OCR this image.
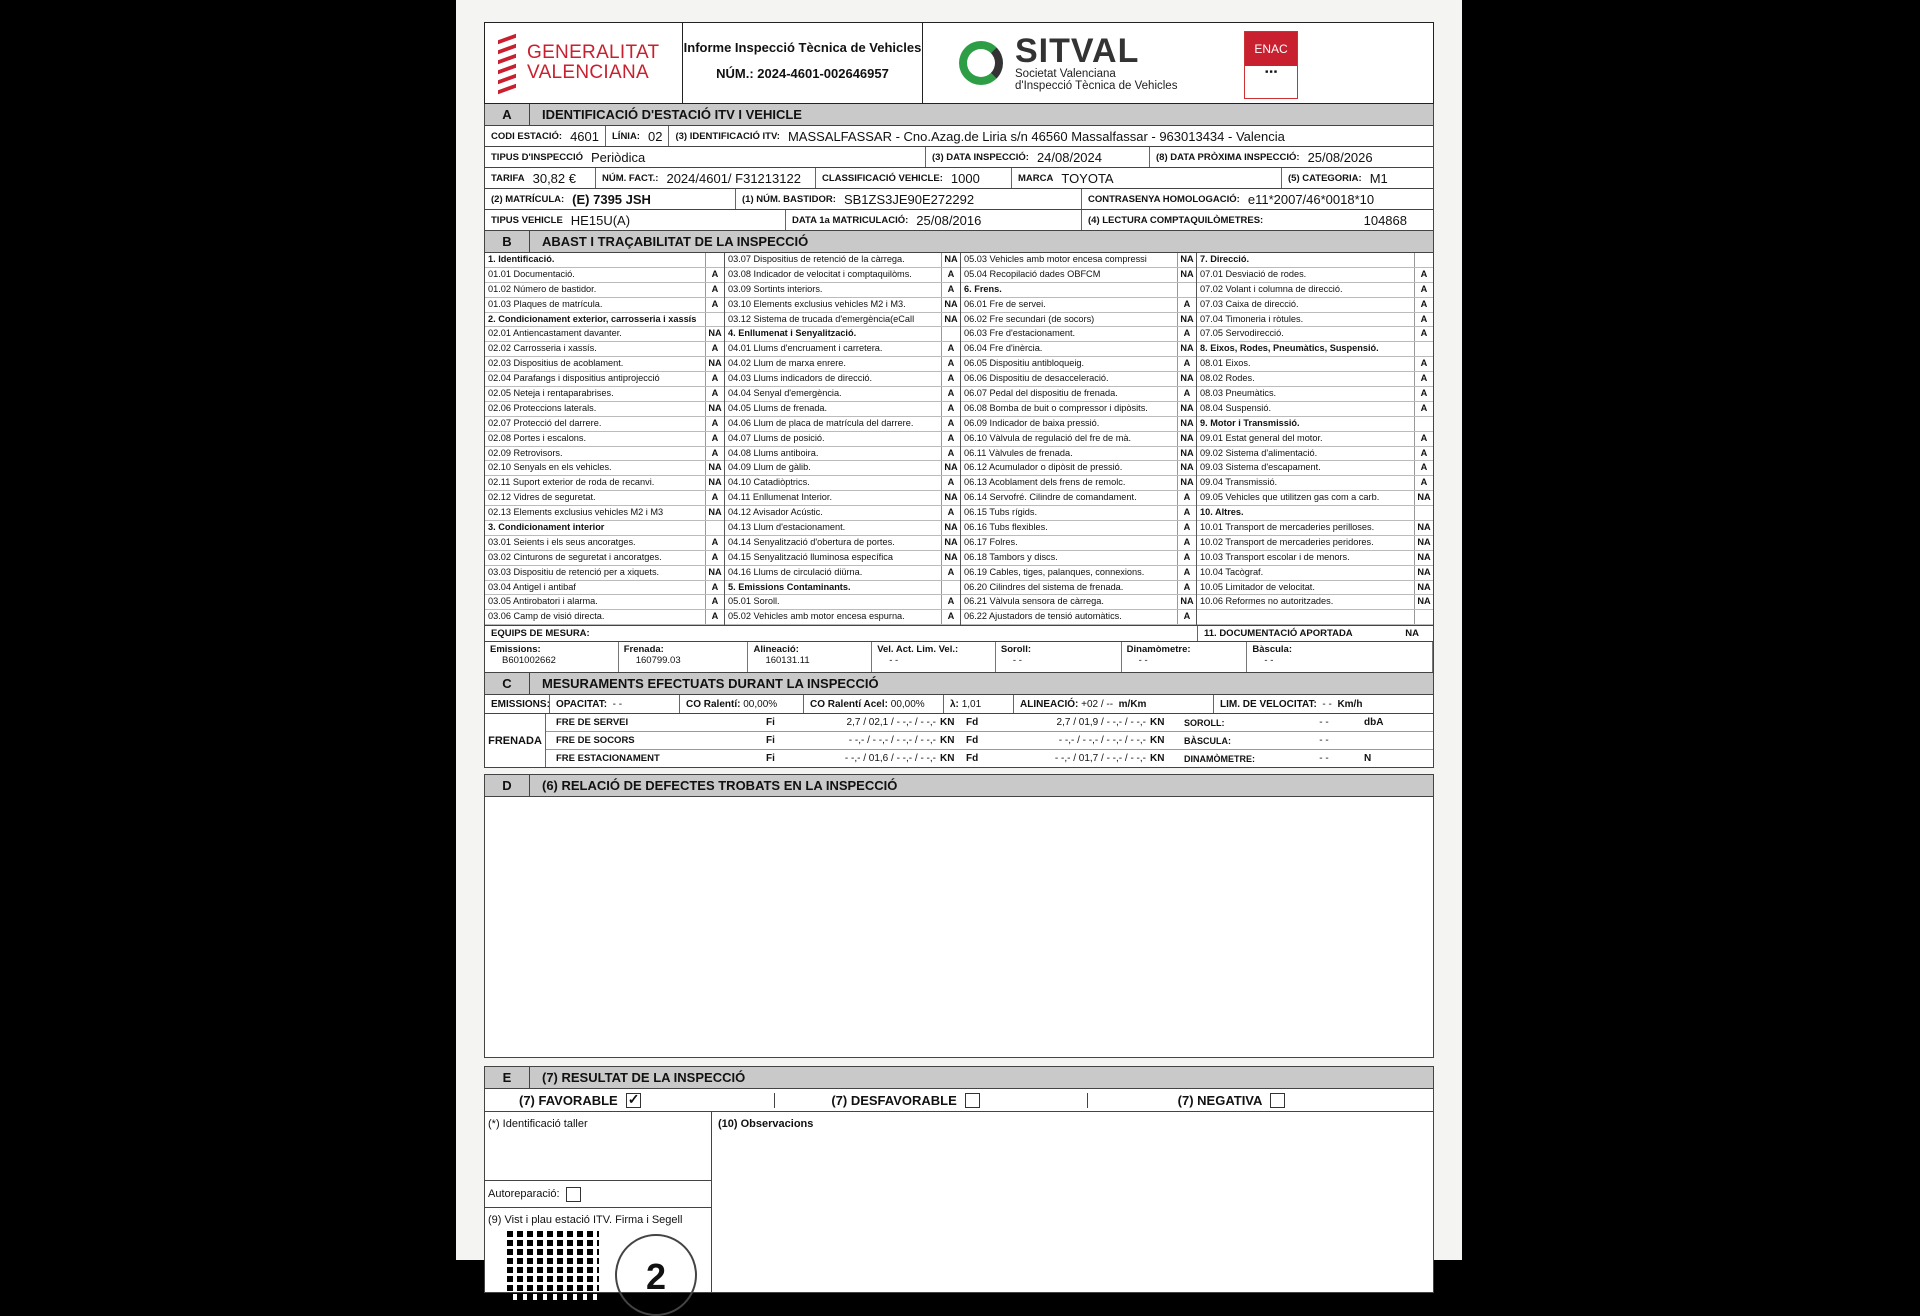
GENERALITAT
VALENCIANA
Informe Inspecció Tècnica de Vehicles
NÚM.: 2024-4601-002646957
SITVAL
Societat Valenciana
d'Inspecció Tècnica de Vehicles
ENAC
■ ■ ■
A	IDENTIFICACIÓ D'ESTACIÓ ITV I VEHICLE
CODI ESTACIÓ: 4601 LÍNIA: 02 (3) IDENTIFICACIÓ ITV: MASSALFASSAR - Cno.Azag.de Liria s/n 46560 Massalfassar - 963013434 - Valencia
TIPUS D'INSPECCIÓ Periòdica	(3) DATA INSPECCIÓ: 24/08/2024	(8) DATA PRÒXIMA INSPECCIÓ: 25/08/2026
TARIFA 30,82 €	NÚM. FACT.: 2024/4601/ F31213122 CLASSIFICACIÓ VEHICLE: 1000	MARCA TOYOTA	(5) CATEGORIA: M1
(2) MATRÍCULA: (E) 7395 JSH	(1) NÚM. BASTIDOR: SB1ZS3JE90E272292	CONTRASENYA HOMOLOGACIÓ: e11*2007/46*0018*10
TIPUS VEHICLE HE15U(A)	DATA 1a MATRICULACIÓ: 25/08/2016	(4) LECTURA COMPTAQUILÒMETRES:	104868
B	ABAST I TRAÇABILITAT DE LA INSPECCIÓ
1. Identificació.
01.01 Documentació.	A
01.02 Número de bastidor.	A
01.03 Plaques de matrícula.	A
2. Condicionament exterior, carrosseria i xassís
02.01 Antiencastament davanter.	NA
02.02 Carrosseria i xassís.	A
02.03 Dispositius de acoblament.	NA
02.04 Parafangs i dispositius antiprojecció	A
02.05 Neteja i rentaparabrises.	A
02.06 Proteccions laterals.	NA
02.07 Protecció del darrere.	A
02.08 Portes i escalons.	A
02.09 Retrovisors.	A
02.10 Senyals en els vehicles.	NA
02.11 Suport exterior de roda de recanvi.	NA
02.12 Vidres de seguretat.	A
02.13 Elements exclusius vehicles M2 i M3	NA
3. Condicionament interior
03.01 Seients i els seus ancoratges.	A
03.02 Cinturons de seguretat i ancoratges.	A
03.03 Dispositiu de retenció per a xiquets.	NA
03.04 Antigel i antibaf	A
03.05 Antirobatori i alarma.	A
03.06 Camp de visió directa.	A
03.07 Dispositius de retenció de la càrrega.	NA
03.08 Indicador de velocitat i comptaquilòms.	A
03.09 Sortints interiors.	A
03.10 Elements exclusius vehicles M2 i M3.	NA
03.12 Sistema de trucada d'emergència(eCall	NA
4. Enllumenat i Senyalització.
04.01 Llums d'encruament i carretera.	A
04.02 Llum de marxa enrere.	A
04.03 Llums indicadors de direcció.	A
04.04 Senyal d'emergència.	A
04.05 Llums de frenada.	A
04.06 Llum de placa de matrícula del darrere.	A
04.07 Llums de posició.	A
04.08 Llums antiboira.	A
04.09 Llum de gàlib.	NA
04.10 Catadiòptrics.	A
04.11 Enllumenat Interior.	NA
04.12 Avisador Acústic.	A
04.13 Llum d'estacionament.	NA
04.14 Senyalització d'obertura de portes.	NA
04.15 Senyalització lluminosa específica	NA
04.16 Llums de circulació diürna.	A
5. Emissions Contaminants.
05.01 Soroll.	A
05.02 Vehicles amb motor encesa espurna.	A
05.03 Vehicles amb motor encesa compressi	NA
05.04 Recopilació dades OBFCM	NA
6. Frens.
06.01 Fre de servei.	A
06.02 Fre secundari (de socors)	NA
06.03 Fre d'estacionament.	A
06.04 Fre d'inèrcia.	NA
06.05 Dispositiu antibloqueig.	A
06.06 Dispositiu de desacceleració.	NA
06.07 Pedal del dispositiu de frenada.	A
06.08 Bomba de buit o compressor i dipòsits.	NA
06.09 Indicador de baixa pressió.	NA
06.10 Vàlvula de regulació del fre de mà.	NA
06.11 Vàlvules de frenada.	NA
06.12 Acumulador o dipòsit de pressió.	NA
06.13 Acoblament dels frens de remolc.	NA
06.14 Servofré. Cilindre de comandament.	A
06.15 Tubs rígids.	A
06.16 Tubs flexibles.	A
06.17 Folres.	A
06.18 Tambors y discs.	A
06.19 Cables, tiges, palanques, connexions.	A
06.20 Cilindres del sistema de frenada.	A
06.21 Vàlvula sensora de càrrega.	NA
06.22 Ajustadors de tensió automàtics.	A
7. Direcció.
07.01 Desviació de rodes.	A
07.02 Volant i columna de direcció.	A
07.03 Caixa de direcció.	A
07.04 Timoneria i ròtules.	A
07.05 Servodirecció.	A
8. Eixos, Rodes, Pneumàtics, Suspensió.
08.01 Eixos.	A
08.02 Rodes.	A
08.03 Pneumàtics.	A
08.04 Suspensió.	A
9. Motor i Transmissió.
09.01 Estat general del motor.	A
09.02 Sistema d'alimentació.	A
09.03 Sistema d'escapament.	A
09.04 Transmissió.	A
09.05 Vehicles que utilitzen gas com a carb.	NA
10. Altres.
10.01 Transport de mercaderies perilloses.	NA
10.02 Transport de mercaderies peridores.	NA
10.03 Transport escolar i de menors.	NA
10.04 Tacògraf.	NA
10.05 Limitador de velocitat.	NA
10.06 Reformes no autoritzades.	NA
EQUIPS DE MESURA:	11. DOCUMENTACIÓ APORTADA	NA
Emissions:
B601002662
Frenada:
160799.03
Alineació:
160131.11
Vel. Act. Lim. Vel.:
- -
Soroll:
- -
Dinamòmetre:
- -
Bàscula:
- -
C	MESURAMENTS EFECTUATS DURANT LA INSPECCIÓ
EMISSIONS: OPACITAT:
- -	CO Ralentí:
00,00%	CO Ralentí Acel:
00,00%	λ:
1,01	ALINEACIÓ:
+02 / --
m/Km	LIM. DE VELOCITAT:
- -
Km/h
FRENADA
FRE DE SERVEI	Fi	2,7 / 02,1 / - -,- / - -,- KN	Fd	2,7 / 01,9 / - -,- / - -,- KN	SOROLL:	- -	dbA
FRE DE SOCORS	Fi	- -,- / - -,- / - -,- / - -,- KN	Fd	- -,- / - -,- / - -,- / - -,- KN	BÀSCULA:	- -
FRE ESTACIONAMENT	Fi	- -,- / 01,6 / - -,- / - -,- KN	Fd	- -,- / 01,7 / - -,- / - -,- KN	DINAMÒMETRE:	- -	N
D	(6) RELACIÓ DE DEFECTES TROBATS EN LA INSPECCIÓ
E	(7) RESULTAT DE LA INSPECCIÓ
(7) FAVORABLE
✓	(7) DESFAVORABLE	(7) NEGATIVA
(*) Identificació taller
Autoreparació:
(9) Vist i plau estació ITV. Firma i Segell
2
(10) Observacions
